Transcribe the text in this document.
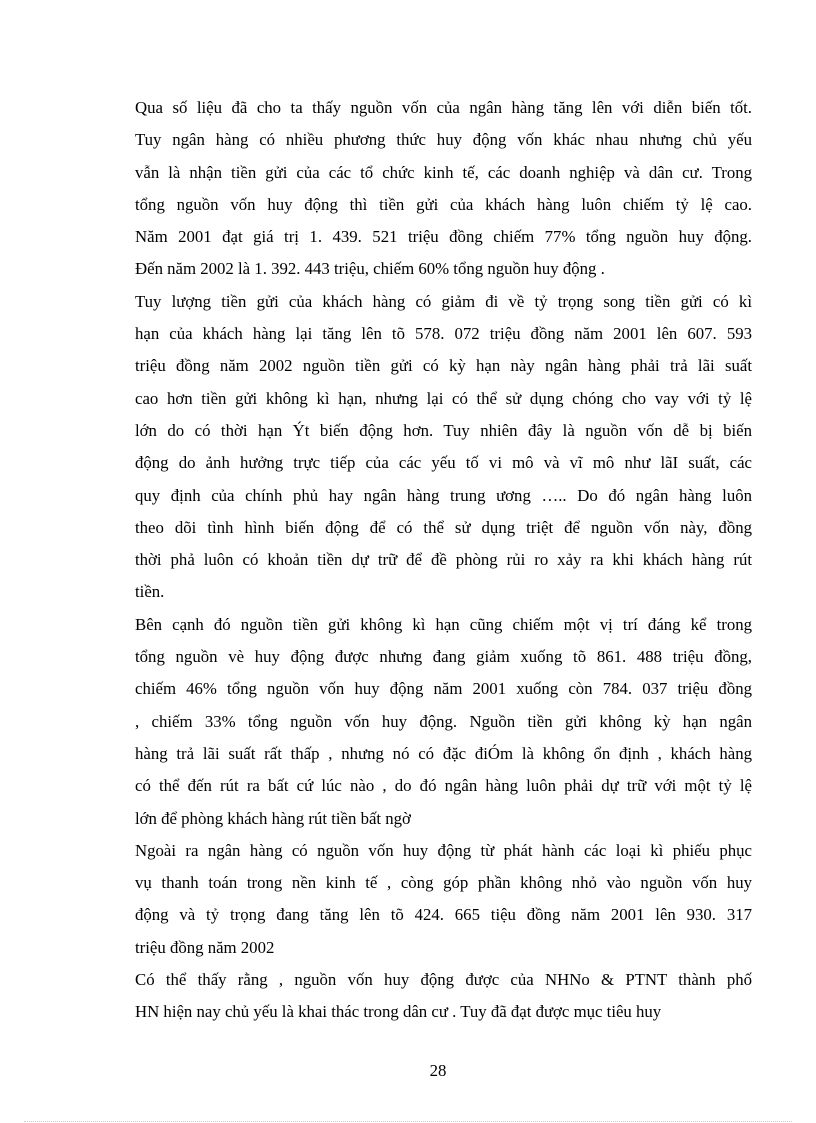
Qua số liệu đã cho ta thấy nguồn vốn của ngân hàng tăng lên với diễn biến tốt.
Tuy ngân hàng có nhiều phương thức huy động vốn khác nhau nhưng chủ yếu
vẫn là nhận tiền gửi của các tổ chức kinh tế, các doanh nghiệp và dân cư. Trong
tổng nguồn vốn huy động thì tiền gửi của khách hàng luôn chiếm tỷ lệ cao.
Năm 2001 đạt giá trị 1. 439. 521 triệu đồng chiếm 77% tổng nguồn huy động.
Đến năm 2002 là 1. 392. 443 triệu, chiếm 60% tổng nguồn huy động .
Tuy lượng tiền gửi của khách hàng có giảm đi về tỷ trọng song tiền gửi có kì
hạn của khách hàng lại tăng lên tõ 578. 072 triệu đồng năm 2001 lên 607. 593
triệu đồng năm 2002 nguồn tiền gửi có kỳ hạn này ngân hàng phải trả lãi suất
cao hơn tiền gửi không kì hạn, nhưng lại có thể sử dụng chóng cho vay với tỷ lệ
lớn do có thời hạn Ýt biến động hơn. Tuy nhiên đây là nguồn vốn dễ bị biến
động do ảnh hưởng trực tiếp của các yếu tố vi mô và vĩ mô như lãI suất, các
quy định của chính phủ hay ngân hàng trung ương ….. Do đó ngân hàng luôn
theo dõi tình hình biến động để có thể sử dụng triệt để nguồn vốn này, đồng
thời phả luôn có khoản tiền dự trữ để đề phòng rủi ro xảy ra khi khách hàng rút
tiền.
Bên cạnh đó nguồn tiền gửi không kì hạn cũng chiếm một vị trí đáng kể trong
tổng nguồn vè huy động được nhưng đang giảm xuống tõ 861. 488 triệu đồng,
chiếm 46% tổng nguồn vốn huy động năm 2001 xuống còn 784. 037 triệu đồng
, chiếm 33% tổng nguồn vốn huy động. Nguồn tiền gửi không kỳ hạn ngân
hàng trả lãi suất rất thấp , nhưng nó có đặc điÓm là không ổn định , khách hàng
có thể đến rút ra bất cứ lúc nào , do đó ngân hàng luôn phải dự trữ với một tỷ lệ
lớn để phòng khách hàng rút tiền bất ngờ
Ngoài ra ngân hàng có nguồn vốn huy động từ phát hành các loại kì phiếu phục
vụ thanh toán trong nền kinh tế , còng góp phần không nhỏ vào nguồn vốn huy
động và tỷ trọng đang tăng lên tõ 424. 665 tiệu đồng năm 2001 lên 930. 317
triệu đồng năm 2002
Có thể thấy rằng , nguồn vốn huy động được của NHNo & PTNT thành phố
HN hiện nay chủ yếu là khai thác trong dân cư . Tuy đã đạt được mục tiêu huy
28
